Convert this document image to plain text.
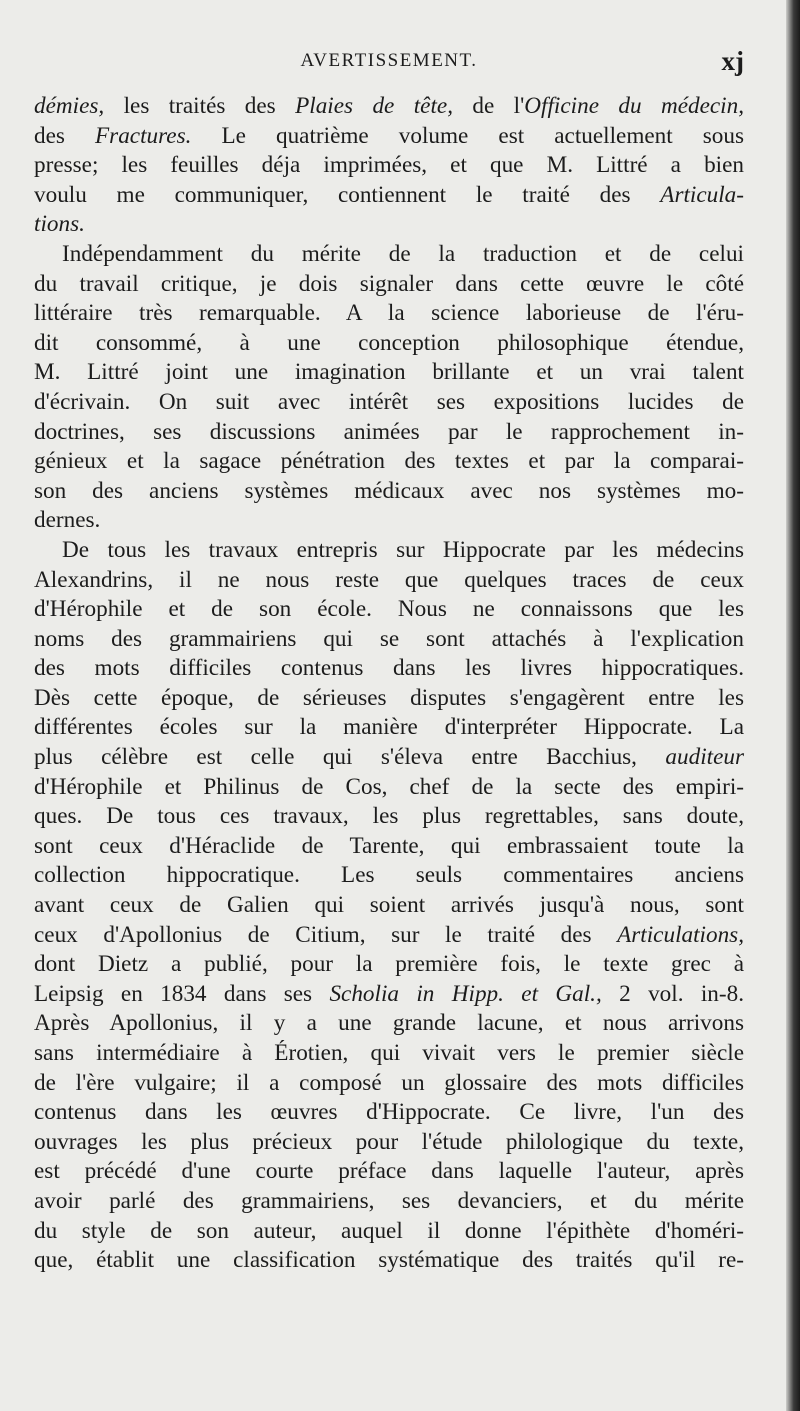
AVERTISSEMENT.	xj
démies, les traités des Plaies de tête, de l'Officine du médecin,
des Fractures. Le quatrième volume est actuellement sous
presse; les feuilles déja imprimées, et que M. Littré a bien
voulu me communiquer, contiennent le traité des Articula-
tions.
Indépendamment du mérite de la traduction et de celui
du travail critique, je dois signaler dans cette œuvre le côté
littéraire très remarquable. A la science laborieuse de l'éru-
dit consommé, à une conception philosophique étendue,
M. Littré joint une imagination brillante et un vrai talent
d'écrivain. On suit avec intérêt ses expositions lucides de
doctrines, ses discussions animées par le rapprochement in-
génieux et la sagace pénétration des textes et par la comparai-
son des anciens systèmes médicaux avec nos systèmes mo-
dernes.
De tous les travaux entrepris sur Hippocrate par les médecins
Alexandrins, il ne nous reste que quelques traces de ceux
d'Hérophile et de son école. Nous ne connaissons que les
noms des grammairiens qui se sont attachés à l'explication
des mots difficiles contenus dans les livres hippocratiques.
Dès cette époque, de sérieuses disputes s'engagèrent entre les
différentes écoles sur la manière d'interpréter Hippocrate. La
plus célèbre est celle qui s'éleva entre Bacchius, auditeur
d'Hérophile et Philinus de Cos, chef de la secte des empiri-
ques. De tous ces travaux, les plus regrettables, sans doute,
sont ceux d'Héraclide de Tarente, qui embrassaient toute la
collection hippocratique. Les seuls commentaires anciens
avant ceux de Galien qui soient arrivés jusqu'à nous, sont
ceux d'Apollonius de Citium, sur le traité des Articulations,
dont Dietz a publié, pour la première fois, le texte grec à
Leipsig en 1834 dans ses Scholia in Hipp. et Gal., 2 vol. in-8.
Après Apollonius, il y a une grande lacune, et nous arrivons
sans intermédiaire à Érotien, qui vivait vers le premier siècle
de l'ère vulgaire; il a composé un glossaire des mots difficiles
contenus dans les œuvres d'Hippocrate. Ce livre, l'un des
ouvrages les plus précieux pour l'étude philologique du texte,
est précédé d'une courte préface dans laquelle l'auteur, après
avoir parlé des grammairiens, ses devanciers, et du mérite
du style de son auteur, auquel il donne l'épithète d'homéri-
que, établit une classification systématique des traités qu'il re-
